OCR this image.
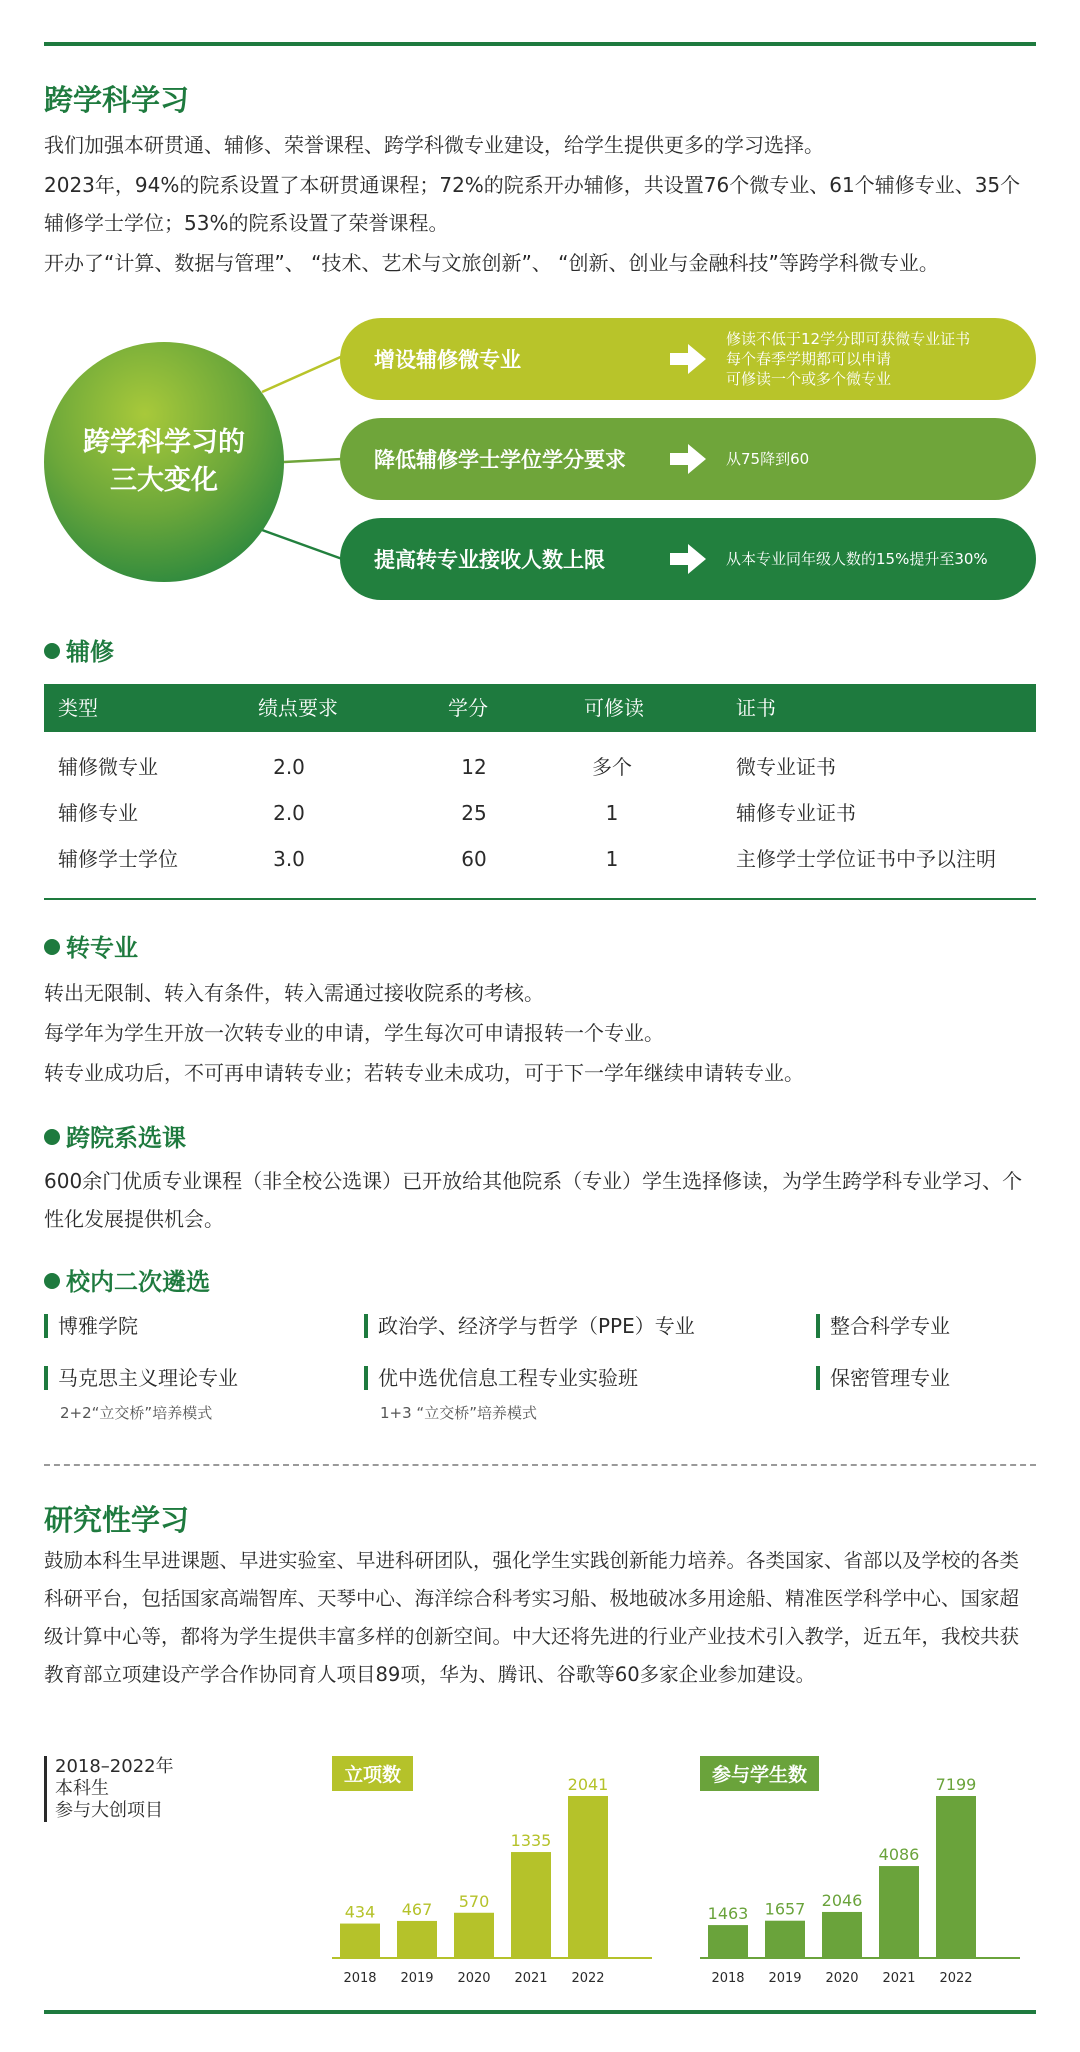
跨学科学习
我们加强本研贯通、辅修、荣誉课程、跨学科微专业建设，给学生提供更多的学习选择。
2023年，94%的院系设置了本研贯通课程；72%的院系开办辅修，共设置76个微专业、61个辅修专业、35个辅修学士学位；53%的院系设置了荣誉课程。
开办了“计算、数据与管理”、 “技术、艺术与文旅创新”、 “创新、创业与金融科技”等跨学科微专业。
跨学科学习的
三大变化
增设辅修微专业
修读不低于12学分即可获微专业证书
每个春季学期都可以申请
可修读一个或多个微专业
降低辅修学士学位学分要求	从75降到60
提高转专业接收人数上限	从本专业同年级人数的15%提升至30%
辅修
类型	绩点要求	学分	可修读	证书
辅修微专业	2.0	12	多个	微专业证书
辅修专业	2.0	25	1	辅修专业证书
辅修学士学位	3.0	60	1	主修学士学位证书中予以注明
转专业
转出无限制、转入有条件，转入需通过接收院系的考核。
每学年为学生开放一次转专业的申请，学生每次可申请报转一个专业。
转专业成功后，不可再申请转专业；若转专业未成功，可于下一学年继续申请转专业。
跨院系选课
600余门优质专业课程（非全校公选课）已开放给其他院系（专业）学生选择修读，为学生跨学科专业学习、个性化发展提供机会。
校内二次遴选
博雅学院	政治学、经济学与哲学（PPE）专业	整合科学专业
马克思主义理论专业	优中选优信息工程专业实验班	保密管理专业
2+2“立交桥”培养模式	1+3 “立交桥”培养模式
研究性学习
鼓励本科生早进课题、早进实验室、早进科研团队，强化学生实践创新能力培养。各类国家、省部以及学校的各类科研平台，包括国家高端智库、天琴中心、海洋综合科考实习船、极地破冰多用途船、精准医学科学中心、国家超级计算中心等，都将为学生提供丰富多样的创新空间。中大还将先进的行业产业技术引入教学，近五年，我校共获教育部立项建设产学合作协同育人项目89项，华为、腾讯、谷歌等60多家企业参加建设。
2018–2022年
本科生
参与大创项目
434
2018
467
2019
570
2020
1335
2021
2041
2022
立项数
1463
2018
1657
2019
2046
2020
4086
2021
7199
2022
参与学生数
